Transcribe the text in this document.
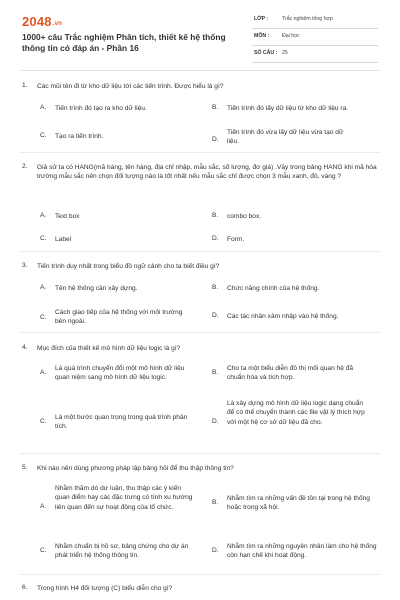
2048.vn
1000+ câu Trắc nghiệm Phân tích, thiết kế hệ thống thông tin có đáp án - Phần 16
LỚP :	Trắc nghiệm tổng hợp
MÔN : Đại học
SỐ CÂU : 25
1. Các mũi tên đi từ kho dữ liệu tới các tiến trình. Được hiểu là gì?
A. Tiến trình đó tạo ra kho dữ liệu.	B. Tiến trình đó lấy dữ liệu từ kho dữ liệu ra.
C. Tạo ra tiến trình.	D.
Tiến trình đó vừa lấy dữ liệu vừa tạo dữ liệu.
2. Giả sử ta có HANG(mã hàng, tên hàng, địa chỉ nhập, mẫu sắc, số lượng, đơ giá) .Vậy trong bảng HANG khi mã hóa trường mẫu sắc nên chọn đối tượng nào là tốt nhất nếu mẫu sắc chỉ được chọn 3 mẫu xanh, đỏ, vàng ?
A. Text box	B. combo box.
C. Label	D. Form.
3. Tiến trình duy nhất trong biểu đồ ngữ cảnh cho ta biết điều gì?
A. Tên hệ thống cần xây dựng.	B. Chức năng chính của hệ thống.
C.
Cách giao tiếp của hệ thống với môi trường bên ngoài.
D. Các tác nhân xâm nhập vào hệ thống.
4. Mục đích của thiết kế mô hình dữ liệu logic là gì?
A.
Là quá trình chuyển đổi một mô hình dữ liệu quan niệm sang mô hình dữ liệu logic.
B.
Cho ta một biểu diễn đồ thị mối quan hệ đã chuẩn hóa và tích hợp.
C.
Là một bước quan trọng trong quá trình phân tích.
D.
Là xây dựng mô hình dữ liệu logic dạng chuẩn để có thể chuyển thành các file vật lý thích hợp với một hệ cơ sở dữ liệu đã cho.
5. Khi nào nên dùng phương pháp lập bảng hỏi để thu thập thông tin?
A.
Nhằm thăm dò dư luận, thu thập các ý kiến quan điểm hay các đặc trưng có tính xu hướng liên quan đến sự hoạt động của tổ chức.
B.
Nhằm tìm ra những vấn đề tồn tại trong hệ thống hoặc trong xã hội.
C.
Nhằm chuẩn bị hồ sơ, bảng chứng cho dự án phát triển hệ thống thông tin.
D.
Nhằm tìm ra những nguyên nhân làm cho hệ thống còn hạn chế khi hoạt động.
6. Trong hình H4 đối tượng (C) biểu diễn cho gì?
